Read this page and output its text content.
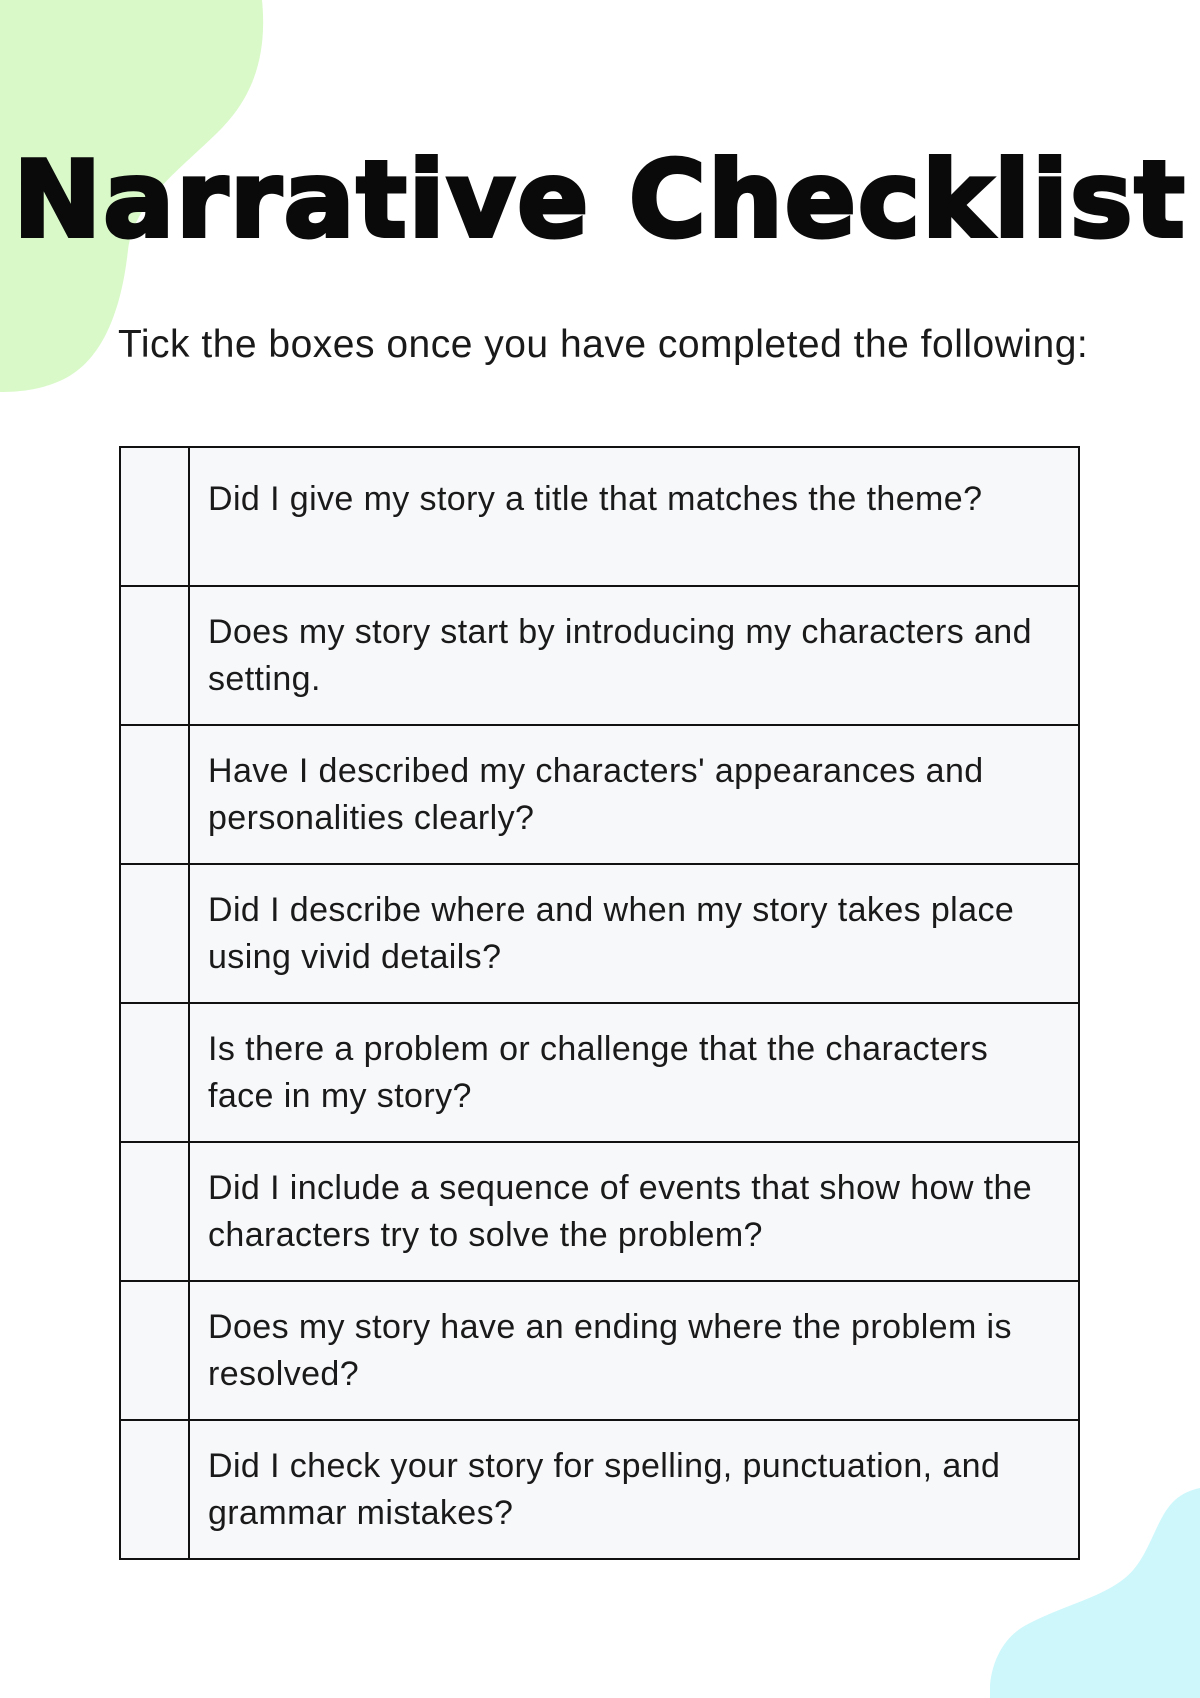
Narrative Checklist
Tick the boxes once you have completed the following:
	Did I give my story a title that matches the theme?
	Does my story start by introducing my characters and setting.
	Have I described my characters' appearances and personalities clearly?
	Did I describe where and when my story takes place using vivid details?
	Is there a problem or challenge that the characters face in my story?
	Did I include a sequence of events that show how the characters try to solve the problem?
	Does my story have an ending where the problem is resolved?
	Did I check your story for spelling, punctuation, and grammar mistakes?
